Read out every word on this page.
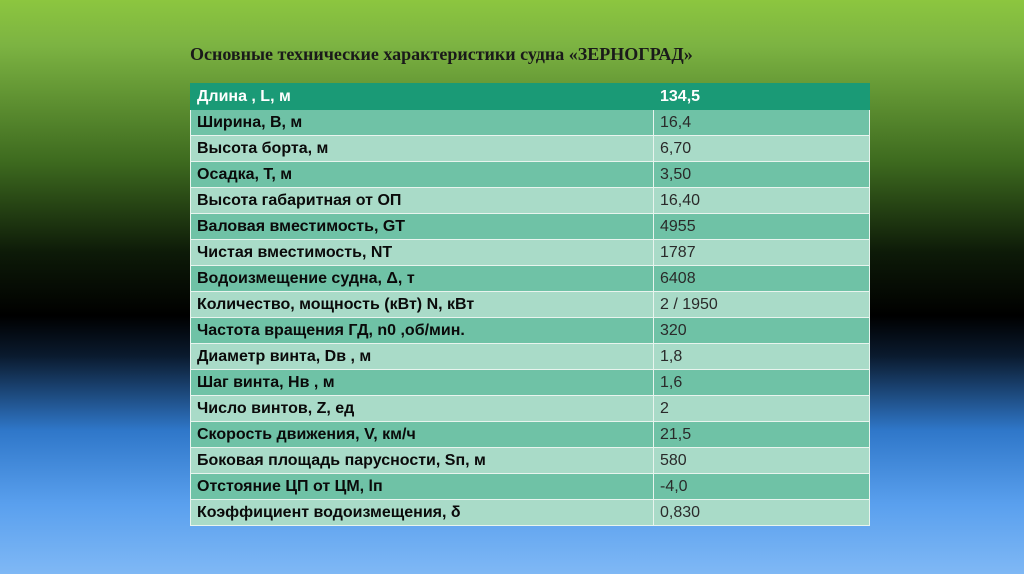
Основные технические характеристики судна «ЗЕРНОГРАД»
Длина , L, м	134,5
Ширина, B, м	16,4
Высота борта, м	6,70
Осадка, T, м	3,50
Высота габаритная от ОП	16,40
Валовая вместимость, GT	4955
Чистая вместимость, NT	1787
Водоизмещение судна, Δ, т	6408
Количество, мощность (кВт) N, кВт	2 / 1950
Частота вращения ГД, n0 ,об/мин.	320
Диаметр винта, Dв , м	1,8
Шаг винта, Hв , м	1,6
Число винтов, Z, ед	2
Скорость движения, V, км/ч	21,5
Боковая площадь парусности, Sп, м	580
Отстояние ЦП от ЦМ, lп	-4,0
Коэффициент водоизмещения, δ	0,830
